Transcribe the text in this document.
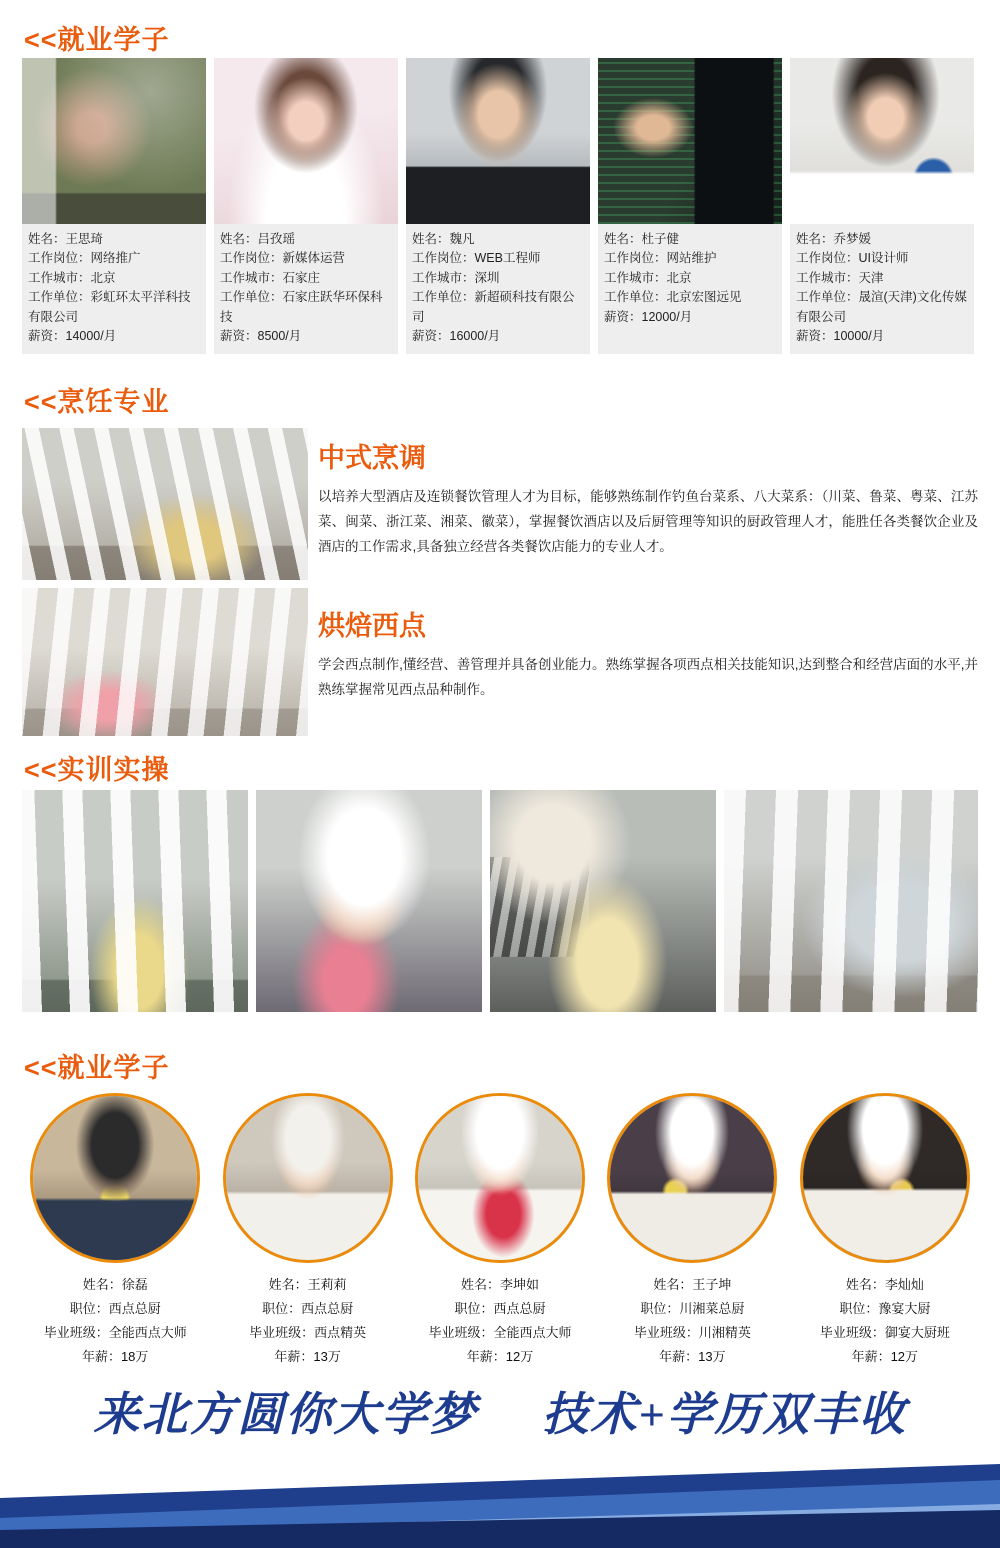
<<就业学子
姓名：王思琦
工作岗位：网络推广
工作城市：北京
工作单位：彩虹环太平洋科技有限公司
薪资：14000/月
姓名：吕孜瑶
工作岗位：新媒体运营
工作城市：石家庄
工作单位：石家庄跃华环保科技
薪资：8500/月
姓名：魏凡
工作岗位：WEB工程师
工作城市：深圳
工作单位：新超硕科技有限公司
薪资：16000/月
姓名：杜子健
工作岗位：网站维护
工作城市：北京
工作单位：北京宏图远见
薪资：12000/月
姓名：乔梦媛
工作岗位：UI设计师
工作城市：天津
工作单位：晟渲(天津)文化传媒有限公司
薪资：10000/月
<<烹饪专业
中式烹调
以培养大型酒店及连锁餐饮管理人才为目标，能够熟练制作钓鱼台菜系、八大菜系：（川菜、鲁菜、粤菜、江苏菜、闽菜、浙江菜、湘菜、徽菜），掌握餐饮酒店以及后厨管理等知识的厨政管理人才，能胜任各类餐饮企业及酒店的工作需求,具备独立经营各类餐饮店能力的专业人才。
烘焙西点
学会西点制作,懂经营、善管理并具备创业能力。熟练掌握各项西点相关技能知识,达到整合和经营店面的水平,并熟练掌握常见西点品种制作。
<<实训实操
<<就业学子
姓名：徐磊
职位：西点总厨
毕业班级：全能西点大师
年薪：18万
姓名：王莉莉
职位：西点总厨
毕业班级：西点精英
年薪：13万
姓名：李坤如
职位：西点总厨
毕业班级：全能西点大师
年薪：12万
姓名：王子坤
职位：川湘菜总厨
毕业班级：川湘精英
年薪：13万
姓名：李灿灿
职位：豫宴大厨
毕业班级：御宴大厨班
年薪：12万
来北方圆你大学梦 技术+学历双丰收
